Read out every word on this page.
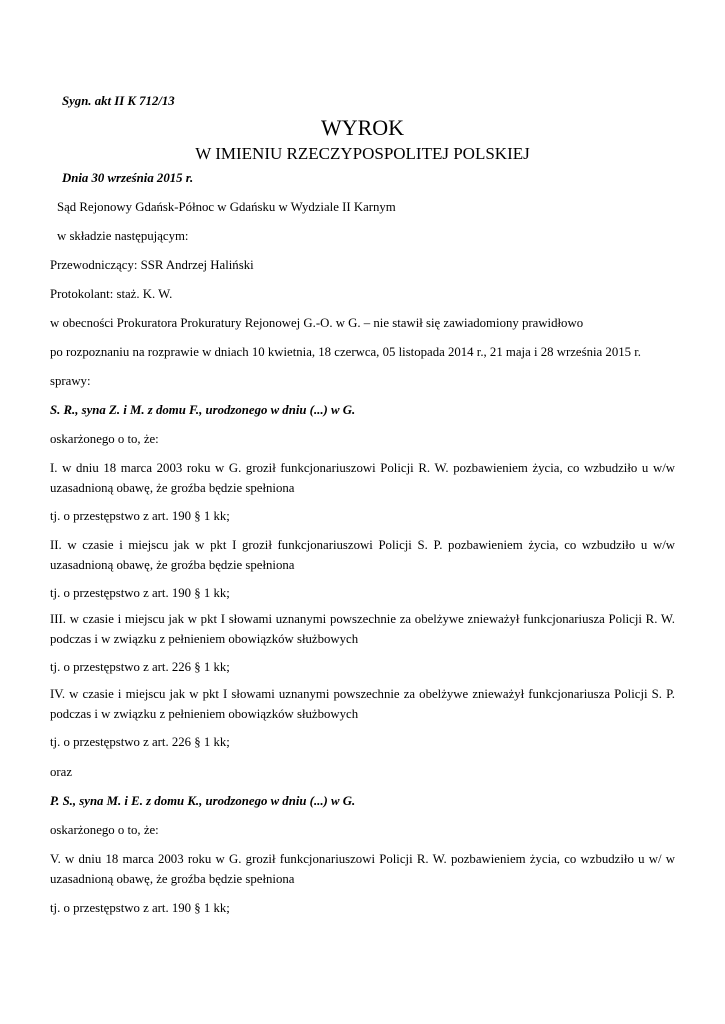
Sygn. akt II K 712/13
WYROK
W IMIENIU RZECZYPOSPOLITEJ POLSKIEJ
Dnia 30 września 2015 r.
Sąd Rejonowy Gdańsk-Północ w Gdańsku w Wydziale II Karnym
w składzie następującym:
Przewodniczący: SSR Andrzej Haliński
Protokolant: staż. K. W.
w obecności Prokuratora Prokuratury Rejonowej G.-O. w G. – nie stawił się zawiadomiony prawidłowo
po rozpoznaniu na rozprawie w dniach 10 kwietnia, 18 czerwca, 05 listopada 2014 r., 21 maja i 28 września 2015 r.
sprawy:
S. R., syna Z. i M. z domu F., urodzonego w dniu (...) w G.
oskarżonego o to, że:
I. w dniu 18 marca 2003 roku w G. groził funkcjonariuszowi Policji R. W. pozbawieniem życia, co wzbudziło u w/w uzasadnioną obawę, że groźba będzie spełniona
tj. o przestępstwo z art. 190 § 1 kk;
II. w czasie i miejscu jak w pkt I groził funkcjonariuszowi Policji S. P. pozbawieniem życia, co wzbudziło u w/w uzasadnioną obawę, że groźba będzie spełniona
tj. o przestępstwo z art. 190 § 1 kk;
III. w czasie i miejscu jak w pkt I słowami uznanymi powszechnie za obelżywe znieważył funkcjonariusza Policji R. W. podczas i w związku z pełnieniem obowiązków służbowych
tj. o przestępstwo z art. 226 § 1 kk;
IV. w czasie i miejscu jak w pkt I słowami uznanymi powszechnie za obelżywe znieważył funkcjonariusza Policji S. P. podczas i w związku z pełnieniem obowiązków służbowych
tj. o przestępstwo z art. 226 § 1 kk;
oraz
P. S., syna M. i E. z domu K., urodzonego w dniu (...) w G.
oskarżonego o to, że:
V. w dniu 18 marca 2003 roku w G. groził funkcjonariuszowi Policji R. W. pozbawieniem życia, co wzbudziło u w/ w uzasadnioną obawę, że groźba będzie spełniona
tj. o przestępstwo z art. 190 § 1 kk;
